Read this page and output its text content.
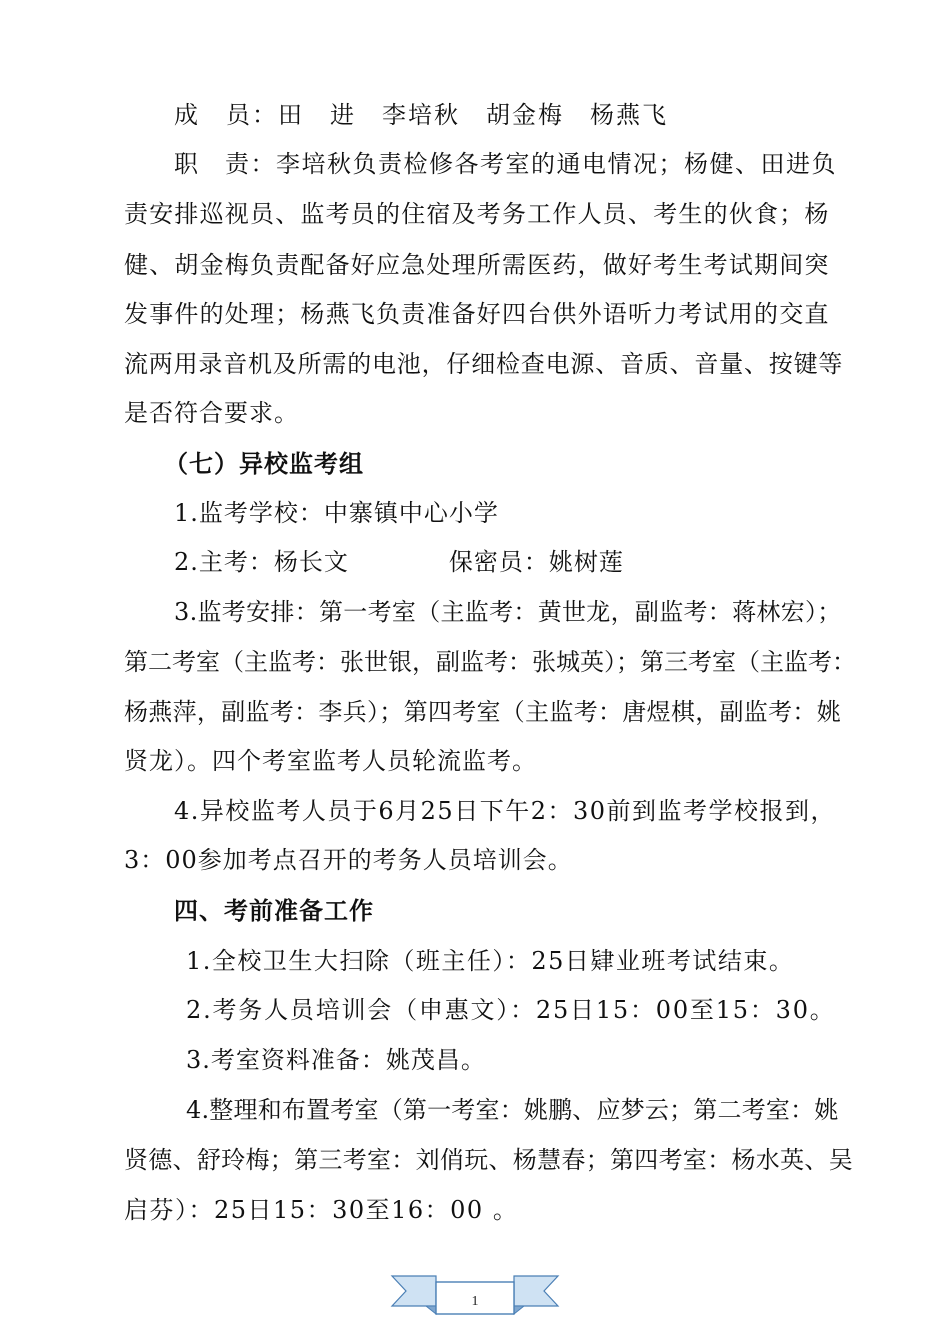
成　员：田　进　李培秋　胡金梅　杨燕飞
职　责：李培秋负责检修各考室的通电情况；杨健、田进负
责安排巡视员、监考员的住宿及考务工作人员、考生的伙食；杨
健、胡金梅负责配备好应急处理所需医药，做好考生考试期间突
发事件的处理；杨燕飞负责准备好四台供外语听力考试用的交直
流两用录音机及所需的电池，仔细检查电源、音质、音量、按键等
是否符合要求。
（七）异校监考组
1.监考学校：中寨镇中心小学
2.主考：杨长文　　　　保密员：姚树莲
3.监考安排：第一考室（主监考：黄世龙，副监考：蒋林宏）；
第二考室（主监考：张世银，副监考：张城英）；第三考室（主监考：
杨燕萍，副监考：李兵）；第四考室（主监考：唐煜棋，副监考：姚
贤龙）。四个考室监考人员轮流监考。
4.异校监考人员于6月25日下午2：30前到监考学校报到，
3：00参加考点召开的考务人员培训会。
四、考前准备工作
1.全校卫生大扫除（班主任）：25日肄业班考试结束。
2.考务人员培训会（申惠文）：25日15：00至15：30。
3.考室资料准备：姚茂昌。
4.整理和布置考室（第一考室：姚鹏、应梦云；第二考室：姚
贤德、舒玲梅；第三考室：刘俏玩、杨慧春；第四考室：杨水英、吴
启芬）：25日15：30至16：00 。
1
